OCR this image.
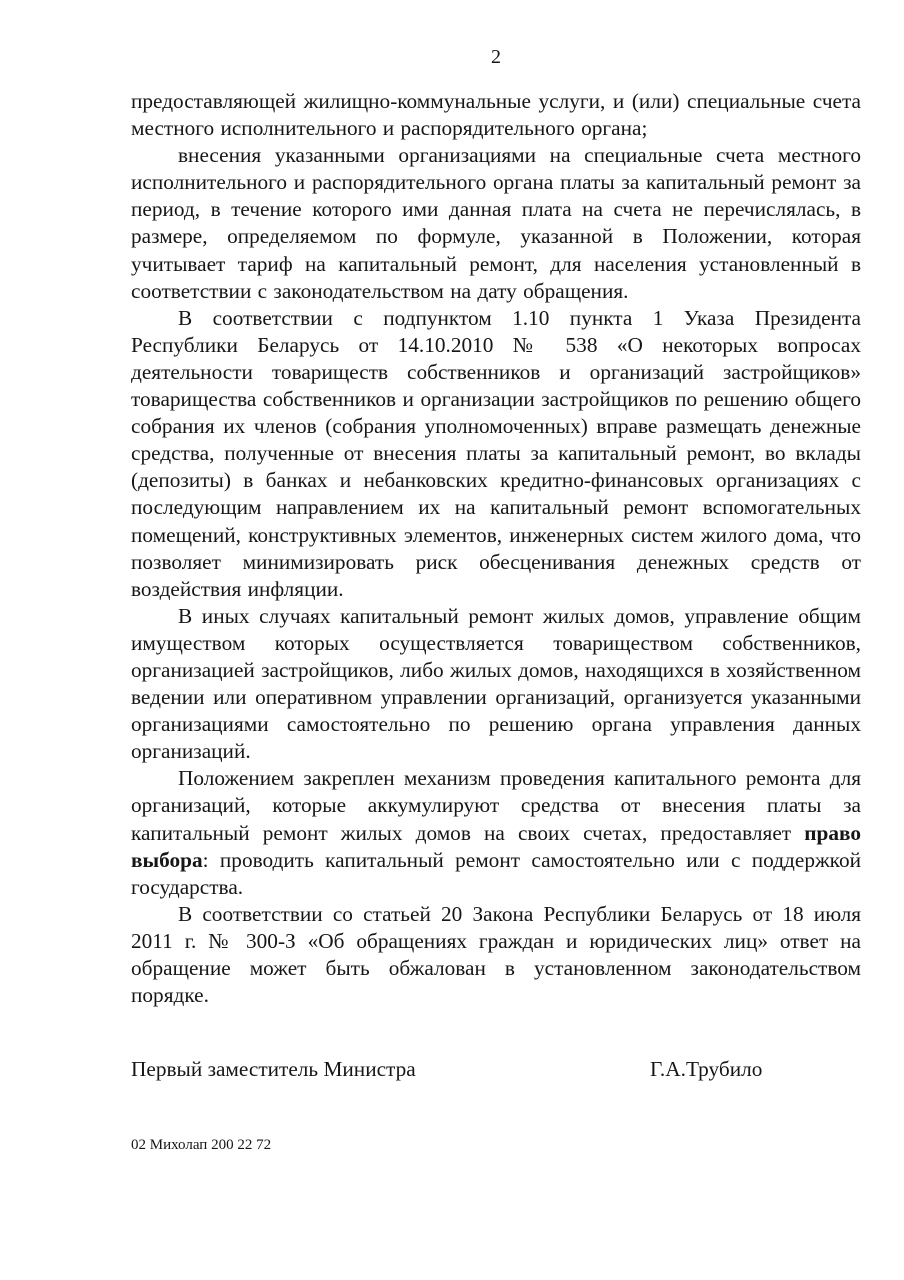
2

предоставляющей жилищно-коммунальные услуги, и (или) специальные счета местного исполнительного и распорядительного органа;

внесения указанными организациями на специальные счета местного исполнительного и распорядительного органа платы за капитальный ремонт за период, в течение которого ими данная плата на счета не перечислялась, в размере, определяемом по формуле, указанной в Положении, которая учитывает тариф на капитальный ремонт, для населения установленный в соответствии с законодательством на дату обращения.

В соответствии с подпунктом 1.10 пункта 1 Указа Президента Республики Беларусь от 14.10.2010 № 538 «О некоторых вопросах деятельности товариществ собственников и организаций застройщиков» товарищества собственников и организации застройщиков по решению общего собрания их членов (собрания уполномоченных) вправе размещать денежные средства, полученные от внесения платы за капитальный ремонт, во вклады (депозиты) в банках и небанковских кредитно-финансовых организациях с последующим направлением их на капитальный ремонт вспомогательных помещений, конструктивных элементов, инженерных систем жилого дома, что позволяет минимизировать риск обесценивания денежных средств от воздействия инфляции.

В иных случаях капитальный ремонт жилых домов, управление общим имуществом которых осуществляется товариществом собственников, организацией застройщиков, либо жилых домов, находящихся в хозяйственном ведении или оперативном управлении организаций, организуется указанными организациями самостоятельно по решению органа управления данных организаций.

Положением закреплен механизм проведения капитального ремонта для организаций, которые аккумулируют средства от внесения платы за капитальный ремонт жилых домов на своих счетах, предоставляет право выбора: проводить капитальный ремонт самостоятельно или с поддержкой государства.

В соответствии со статьей 20 Закона Республики Беларусь от 18 июля 2011 г. № 300-З «Об обращениях граждан и юридических лиц» ответ на обращение может быть обжалован в установленном законодательством порядке.

Первый заместитель Министра	Г.А.Трубило
02 Михолап 200 22 72
